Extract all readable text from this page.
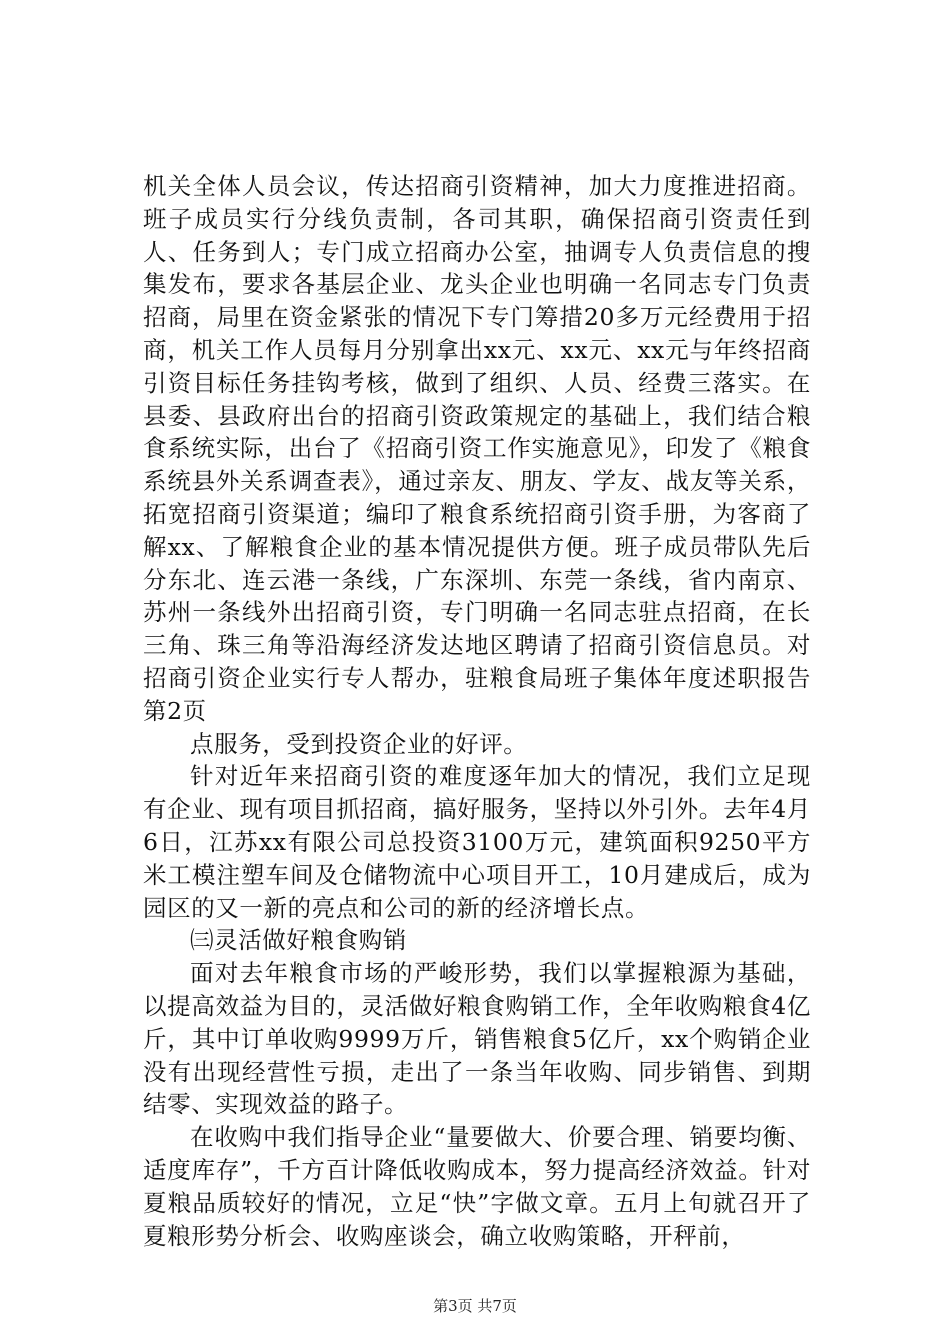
机关全体人员会议，传达招商引资精神，加大力度推进招商。班子成员实行分线负责制，各司其职，确保招商引资责任到人、任务到人；专门成立招商办公室，抽调专人负责信息的搜集发布，要求各基层企业、龙头企业也明确一名同志专门负责招商，局里在资金紧张的情况下专门筹措20多万元经费用于招商，机关工作人员每月分别拿出xx元、xx元、xx元与年终招商引资目标任务挂钩考核，做到了组织、人员、经费三落实。在县委、县政府出台的招商引资政策规定的基础上，我们结合粮食系统实际，出台了《招商引资工作实施意见》，印发了《粮食系统县外关系调查表》，通过亲友、朋友、学友、战友等关系，拓宽招商引资渠道；编印了粮食系统招商引资手册，为客商了解xx、了解粮食企业的基本情况提供方便。班子成员带队先后分东北、连云港一条线，广东深圳、东莞一条线，省内南京、苏州一条线外出招商引资，专门明确一名同志驻点招商，在长三角、珠三角等沿海经济发达地区聘请了招商引资信息员。对招商引资企业实行专人帮办，驻粮食局班子集体年度述职报告第2页

点服务，受到投资企业的好评。

针对近年来招商引资的难度逐年加大的情况，我们立足现有企业、现有项目抓招商，搞好服务，坚持以外引外。去年4月6日，江苏xx有限公司总投资3100万元，建筑面积9250平方米工模注塑车间及仓储物流中心项目开工，10月建成后，成为园区的又一新的亮点和公司的新的经济增长点。

㈢灵活做好粮食购销

面对去年粮食市场的严峻形势，我们以掌握粮源为基础，以提高效益为目的，灵活做好粮食购销工作，全年收购粮食4亿斤，其中订单收购9999万斤，销售粮食5亿斤，xx个购销企业没有出现经营性亏损，走出了一条当年收购、同步销售、到期结零、实现效益的路子。

在收购中我们指导企业“量要做大、价要合理、销要均衡、适度库存”，千方百计降低收购成本，努力提高经济效益。针对夏粮品质较好的情况，立足“快”字做文章。五月上旬就召开了夏粮形势分析会、收购座谈会，确立收购策略，开秤前，

第3页 共7页
